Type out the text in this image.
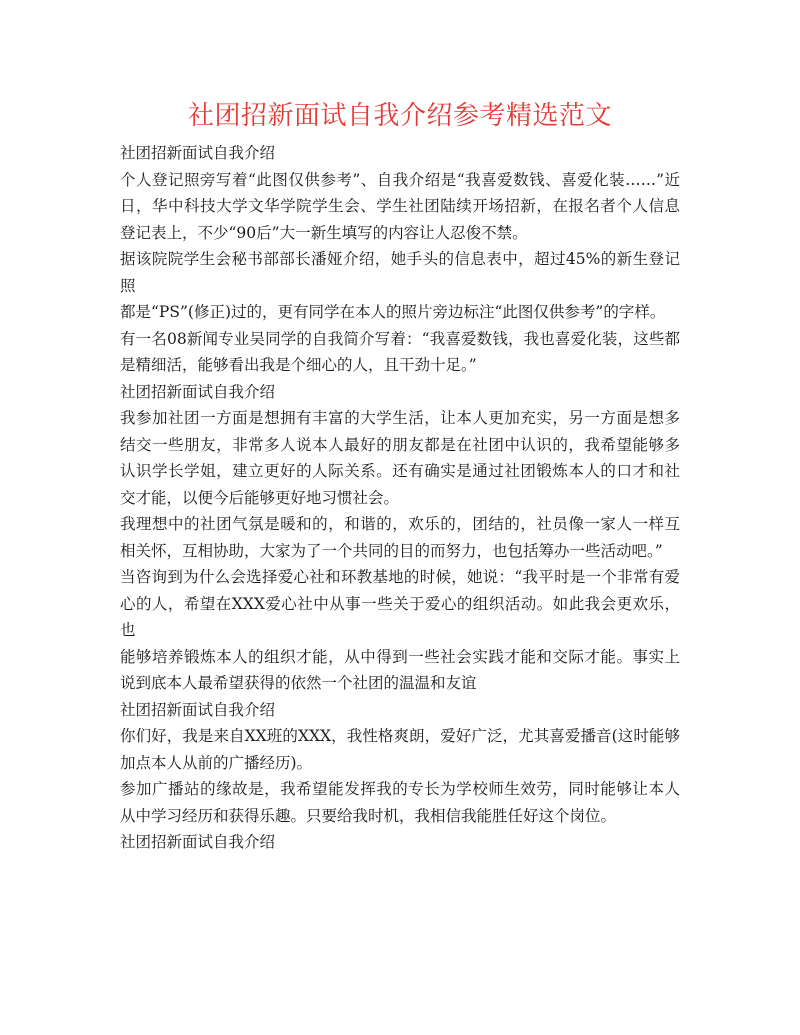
社团招新面试自我介绍参考精选范文

社团招新面试自我介绍

个人登记照旁写着“此图仅供参考”、自我介绍是“我喜爱数钱、喜爱化装……”近

日，华中科技大学文华学院学生会、学生社团陆续开场招新，在报名者个人信息

登记表上，不少“90后”大一新生填写的内容让人忍俊不禁。

据该院院学生会秘书部部长潘娅介绍，她手头的信息表中，超过45%的新生登记照

都是“PS”(修正)过的，更有同学在本人的照片旁边标注“此图仅供参考”的字样。

有一名08新闻专业吴同学的自我简介写着：“我喜爱数钱，我也喜爱化装，这些都

是精细活，能够看出我是个细心的人，且干劲十足。”

社团招新面试自我介绍

我参加社团一方面是想拥有丰富的大学生活，让本人更加充实，另一方面是想多

结交一些朋友，非常多人说本人最好的朋友都是在社团中认识的，我希望能够多

认识学长学姐，建立更好的人际关系。还有确实是通过社团锻炼本人的口才和社

交才能，以便今后能够更好地习惯社会。

我理想中的社团气氛是暖和的，和谐的，欢乐的，团结的，社员像一家人一样互

相关怀，互相协助，大家为了一个共同的目的而努力，也包括筹办一些活动吧。”

当咨询到为什么会选择爱心社和环教基地的时候，她说：“我平时是一个非常有爱

心的人，希望在XXX爱心社中从事一些关于爱心的组织活动。如此我会更欢乐，也

能够培养锻炼本人的组织才能，从中得到一些社会实践才能和交际才能。事实上

说到底本人最希望获得的依然一个社团的温温和友谊

社团招新面试自我介绍

你们好，我是来自XX班的XXX，我性格爽朗，爱好广泛，尤其喜爱播音(这时能够

加点本人从前的广播经历)。

参加广播站的缘故是，我希望能发挥我的专长为学校师生效劳，同时能够让本人

从中学习经历和获得乐趣。只要给我时机，我相信我能胜任好这个岗位。

社团招新面试自我介绍
